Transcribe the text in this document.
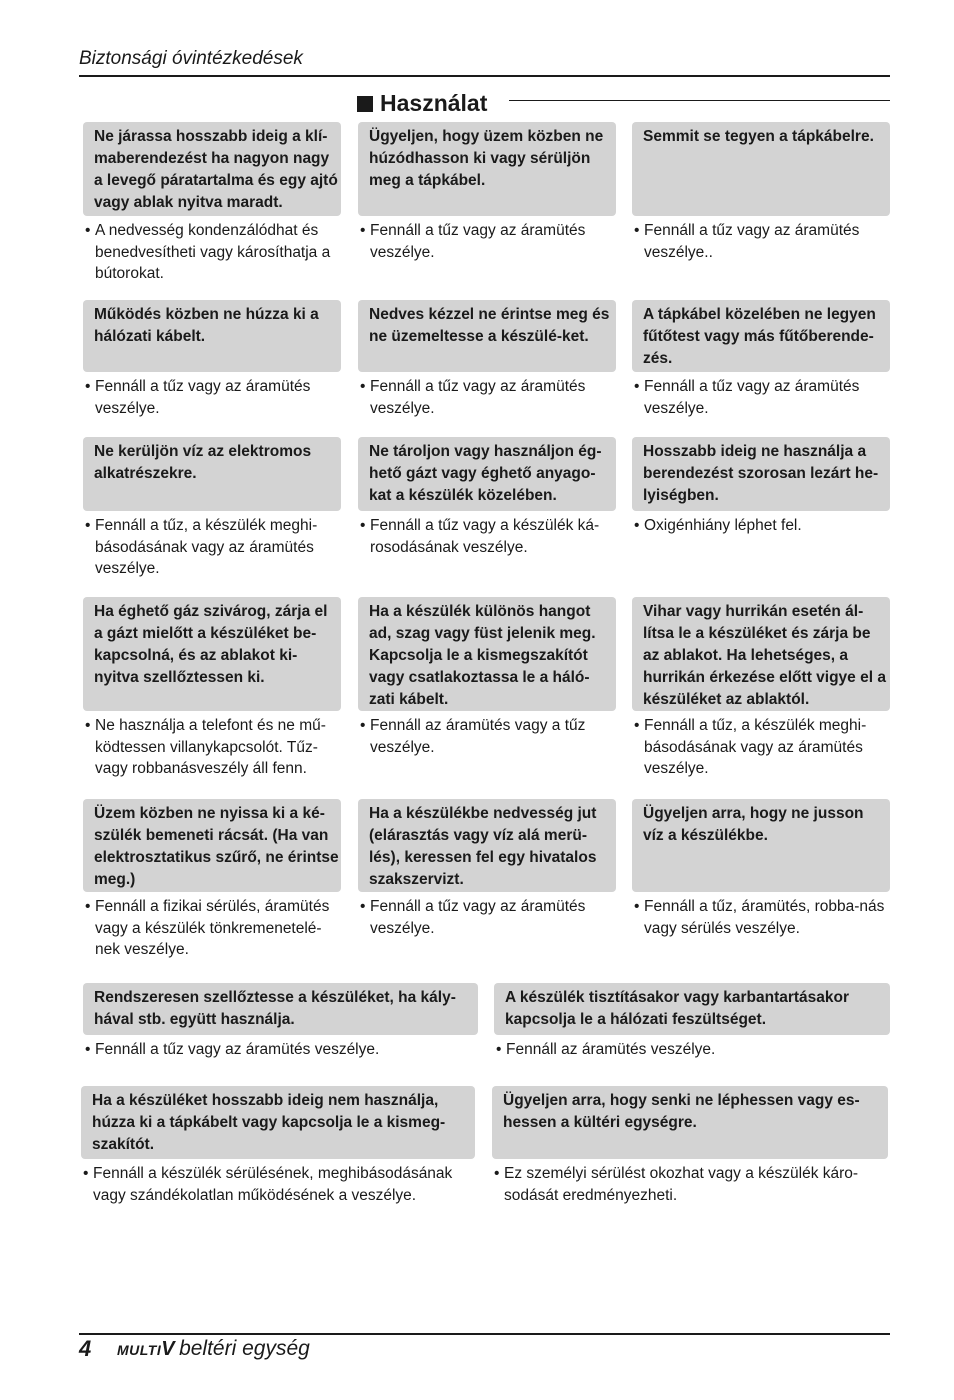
Biztonsági óvintézkedések
Használat
Ne járassa hosszabb ideig a klí-maberendezést ha nagyon nagy a levegő páratartalma és egy ajtó vagy ablak nyitva maradt.
• A nedvesség kondenzálódhat és benedvesítheti vagy károsíthatja a bútorokat.
Ügyeljen, hogy üzem közben ne húzódhasson ki vagy sérüljön meg a tápkábel.
• Fennáll a tűz vagy az áramütés veszélye.
Semmit se tegyen a tápkábelre.
• Fennáll a tűz vagy az áramütés veszélye..
Működés közben ne húzza ki a hálózati kábelt.
• Fennáll a tűz vagy az áramütés veszélye.
Nedves kézzel ne érintse meg és ne üzemeltesse a készülé-ket.
• Fennáll a tűz vagy az áramütés veszélye.
A tápkábel közelében ne legyen fűtőtest vagy más fűtőberende-zés.
• Fennáll a tűz vagy az áramütés veszélye.
Ne kerüljön víz az elektromos alkatrészekre.
• Fennáll a tűz, a készülék meghi-básodásának vagy az áramütés veszélye.
Ne tároljon vagy használjon ég-hető gázt vagy éghető anyago-kat a készülék közelében.
• Fennáll a tűz vagy a készülék ká-rosodásának veszélye.
Hosszabb ideig ne használja a berendezést szorosan lezárt he-lyiségben.
• Oxigénhiány léphet fel.
Ha éghető gáz szivárog, zárja el a gázt mielőtt a készüléket be-kapcsolná, és az ablakot ki-nyitva szellőztessen ki.
• Ne használja a telefont és ne mű-ködtessen villanykapcsolót. Tűz-vagy robbanásveszély áll fenn.
Ha a készülék különös hangot ad, szag vagy füst jelenik meg. Kapcsolja le a kismegszakítót vagy csatlakoztassa le a háló-zati kábelt.
• Fennáll az áramütés vagy a tűz veszélye.
Vihar vagy hurrikán esetén ál-lítsa le a készüléket és zárja be az ablakot. Ha lehetséges, a hurrikán érkezése előtt vigye el a készüléket az ablaktól.
• Fennáll a tűz, a készülék meghi-básodásának vagy az áramütés veszélye.
Üzem közben ne nyissa ki a ké-szülék bemeneti rácsát. (Ha van elektrosztatikus szűrő, ne érintse meg.)
• Fennáll a fizikai sérülés, áramütés vagy a készülék tönkremenetelé-nek veszélye.
Ha a készülékbe nedvesség jut (elárasztás vagy víz alá merü-lés), keressen fel egy hivatalos szakszervizt.
• Fennáll a tűz vagy az áramütés veszélye.
Ügyeljen arra, hogy ne jusson víz a készülékbe.
• Fennáll a tűz, áramütés, robba-nás vagy sérülés veszélye.
Rendszeresen szellőztesse a készüléket, ha kály-hával stb. együtt használja.
• Fennáll a tűz vagy az áramütés veszélye.
A készülék tisztításakor vagy karbantartásakor kapcsolja le a hálózati feszültséget.
• Fennáll az áramütés veszélye.
Ha a készüléket hosszabb ideig nem használja, húzza ki a tápkábelt vagy kapcsolja le a kismeg-szakítót.
• Fennáll a készülék sérülésének, meghibásodásának vagy szándékolatlan működésének a veszélye.
Ügyeljen arra, hogy senki ne léphessen vagy es-hessen a kültéri egységre.
• Ez személyi sérülést okozhat vagy a készülék káro-sodását eredményezheti.
4	MULTIV beltéri egység
